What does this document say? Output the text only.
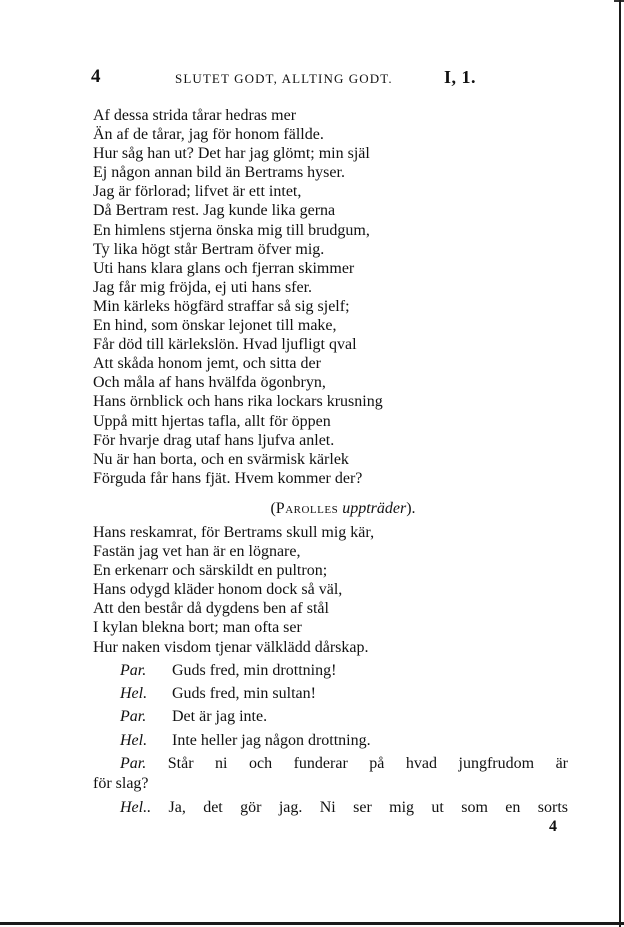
4	SLUTET GODT, ALLTING GODT.	I, 1.
Af dessa strida tårar hedras mer
Än af de tårar, jag för honom fällde.
Hur såg han ut? Det har jag glömt; min själ
Ej någon annan bild än Bertrams hyser.
Jag är förlorad; lifvet är ett intet,
Då Bertram rest. Jag kunde lika gerna
En himlens stjerna önska mig till brudgum,
Ty lika högt står Bertram öfver mig.
Uti hans klara glans och fjerran skimmer
Jag får mig fröjda, ej uti hans sfer.
Min kärleks högfärd straffar så sig sjelf;
En hind, som önskar lejonet till make,
Får död till kärlekslön. Hvad ljufligt qval
Att skåda honom jemt, och sitta der
Och måla af hans hvälfda ögonbryn,
Hans örnblick och hans rika lockars krusning
Uppå mitt hjertas tafla, allt för öppen
För hvarje drag utaf hans ljufva anlet.
Nu är han borta, och en svärmisk kärlek
Förguda får hans fjät. Hvem kommer der?
(Parolles uppträder).
Hans reskamrat, för Bertrams skull mig kär,
Fastän jag vet han är en lögnare,
En erkenarr och särskildt en pultron;
Hans odygd kläder honom dock så väl,
Att den består då dygdens ben af stål
I kylan blekna bort; man ofta ser
Hur naken visdom tjenar välklädd dårskap.
Par. Guds fred, min drottning!
Hel. Guds fred, min sultan!
Par. Det är jag inte.
Hel. Inte heller jag någon drottning.
Par. Står ni och funderar på hvad jungfrudom är
för slag?
Hel.. Ja, det gör jag. Ni ser mig ut som en sorts
4
